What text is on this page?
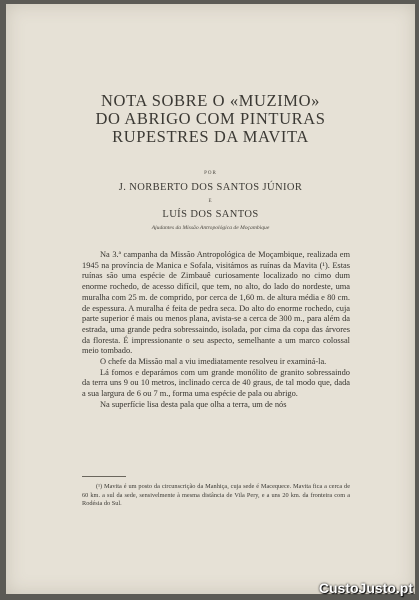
NOTA SOBRE O «MUZIMO»
DO ABRIGO COM PINTURAS
RUPESTRES DA MAVITA
POR
J. NORBERTO DOS SANTOS JÚNIOR
E
LUÍS DOS SANTOS
Ajudantes da Missão Antropológica de Moçambique

Na 3.ª campanha da Missão Antropológica de Moçambique, realizada em 1945 na província de Manica e Sofala, visitámos as ruínas da Mavita (¹). Estas ruínas são uma espécie de Zimbauê curiosamente localizado no cimo dum enorme rochedo, de acesso difícil, que tem, no alto, do lado do nordeste, uma muralha com 25 m. de comprido, por cerca de 1,60 m. de altura média e 80 cm. de espessura. A muralha é feita de pedra seca. Do alto do enorme rochedo, cuja parte superior é mais ou menos plana, avista-se a cerca de 300 m., para além da estrada, uma grande pedra sobressaindo, isolada, por cima da copa das árvores da floresta. É impressionante o seu aspecto, semelhante a um marco colossal meio tombado.

O chefe da Missão mal a viu imediatamente resolveu ir examiná-la.

Lá fomos e deparámos com um grande monólito de granito sobressaindo da terra uns 9 ou 10 metros, inclinado cerca de 40 graus, de tal modo que, dada a sua largura de 6 ou 7 m., forma uma espécie de pala ou abrigo.

Na superfície lisa desta pala que olha a terra, um de nós

(¹) Mavita é um posto da circunscrição da Manhiça, cuja sede é Macequece. Mavita fica a cerca de 60 km. a sul da sede, sensivelmente à mesma distância de Vila Pery, e a uns 20 km. da fronteira com a Rodésia do Sul.
CustoJusto.pt
